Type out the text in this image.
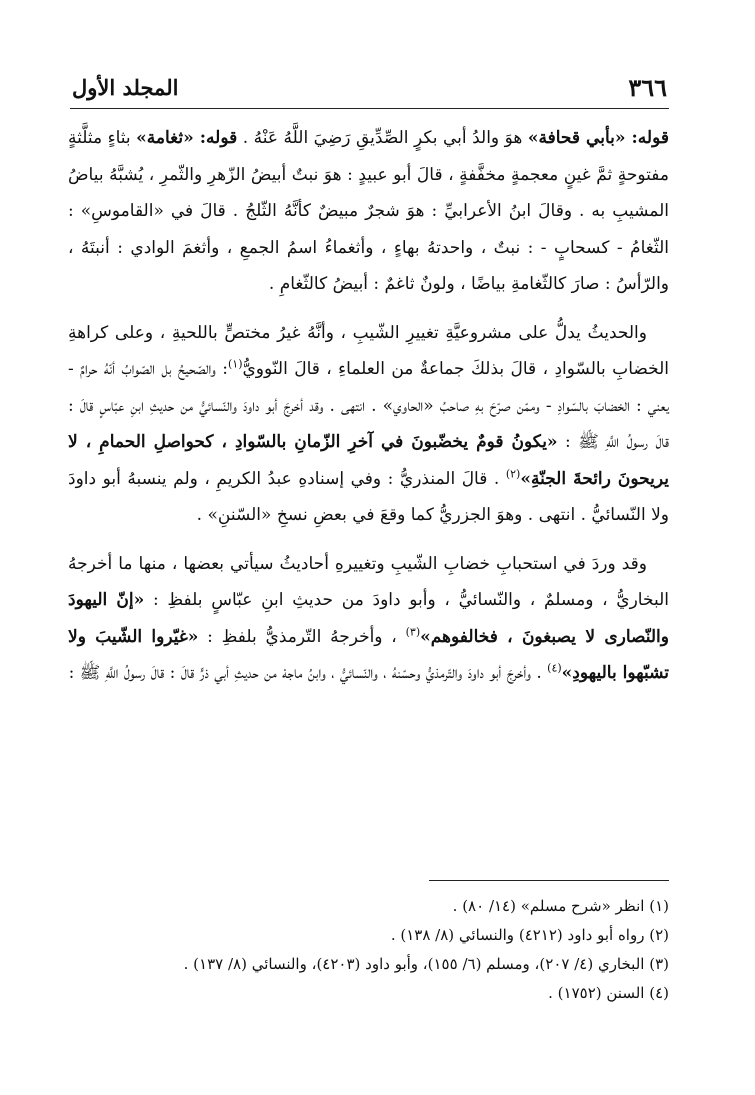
٣٦٦
المجلد الأول

قوله: «بأبي قحافة» هوَ والدُ أبي بكرٍ الصِّدِّيقِ رَضِيَ اللَّهُ عَنْهُ . قوله: «ثغامة» بثاءٍ مثلَّثةٍ مفتوحةٍ ثمَّ غينٍ معجمةٍ مخفَّفةٍ ، قالَ أبو عبيدٍ : هوَ نبتٌ أبيضُ الزّهرِ والثّمرِ ، يُشبَّهُ بياضُ المشيبِ به . وقالَ ابنُ الأعرابيِّ : هوَ شجرٌ مبيضٌ كأنَّهُ الثّلجُ . قالَ في «القاموسِ» : الثّغامُ - كسحابٍ - : نبتٌ ، واحدتهُ بهاءٍ ، وأثغماءُ اسمُ الجمعِ ، وأثغمَ الوادي : أنبتَهُ ، والرّأسُ : صارَ كالثّغامةِ بياضًا ، ولونٌ ثاغمٌ : أبيضُ كالثّغامِ .

والحديثُ يدلُّ على مشروعيَّةِ تغييرِ الشّيبِ ، وأنَّهُ غيرُ مختصٍّ باللحيةِ ، وعلى كراهةِ الخضابِ بالسّوادِ ، قالَ بذلكَ جماعةٌ من العلماءِ ، قالَ النّوويُّ$^{(١)}$: والصّحيحُ بل الصّوابُ أنّهُ حرامٌ - يعني : الخضابَ بالسّوادِ - وممّن صرّحَ بهِ صاحبُ «الحاوي» . انتهى . وقد أخرجَ أبو داودَ والنّسائيُّ من حديثِ ابنِ عبّاسٍ قالَ : قالَ رسولُ اللَّهِ ﷺ : «يكونُ قومٌ يخضّبونَ في آخرِ الزّمانِ بالسّوادِ ، كحواصلِ الحمامِ ، لا يريحونَ رائحةَ الجنّةِ»$^{(٢)}$ . قالَ المنذريُّ : وفي إسنادهِ عبدُ الكريمِ ، ولم ينسبهُ أبو داودَ ولا النّسائيُّ . انتهى . وهوَ الجزريُّ كما وقعَ في بعضِ نسخِ «السّننِ» .

وقد وردَ في استحبابِ خضابِ الشّيبِ وتغييرهِ أحاديثُ سيأتي بعضها ، منها ما أخرجهُ البخاريُّ ، ومسلمٌ ، والنّسائيُّ ، وأبو داودَ من حديثِ ابنِ عبّاسٍ بلفظِ : «إنّ اليهودَ والنّصارى لا يصبغونَ ، فخالفوهم»$^{(٣)}$ ، وأخرجهُ التّرمذيُّ بلفظِ : «غيّروا الشّيبَ ولا تشبّهوا باليهودِ»$^{(٤)}$ . وأخرجَ أبو داودَ والتّرمذيُّ وحسّنهُ ، والنّسائيُّ ، وابنُ ماجهْ من حديثِ أبي ذرٍّ قالَ : قالَ رسولُ اللَّهِ ﷺ :

(١) انظر «شرح مسلم» (١٤/ ٨٠) .
(٢) رواه أبو داود (٤٢١٢) والنسائي (٨/ ١٣٨) .
(٣) البخاري (٤/ ٢٠٧)، ومسلم (٦/ ١٥٥)، وأبو داود (٤٢٠٣)، والنسائي (٨/ ١٣٧) .
(٤) السنن (١٧٥٢) .
